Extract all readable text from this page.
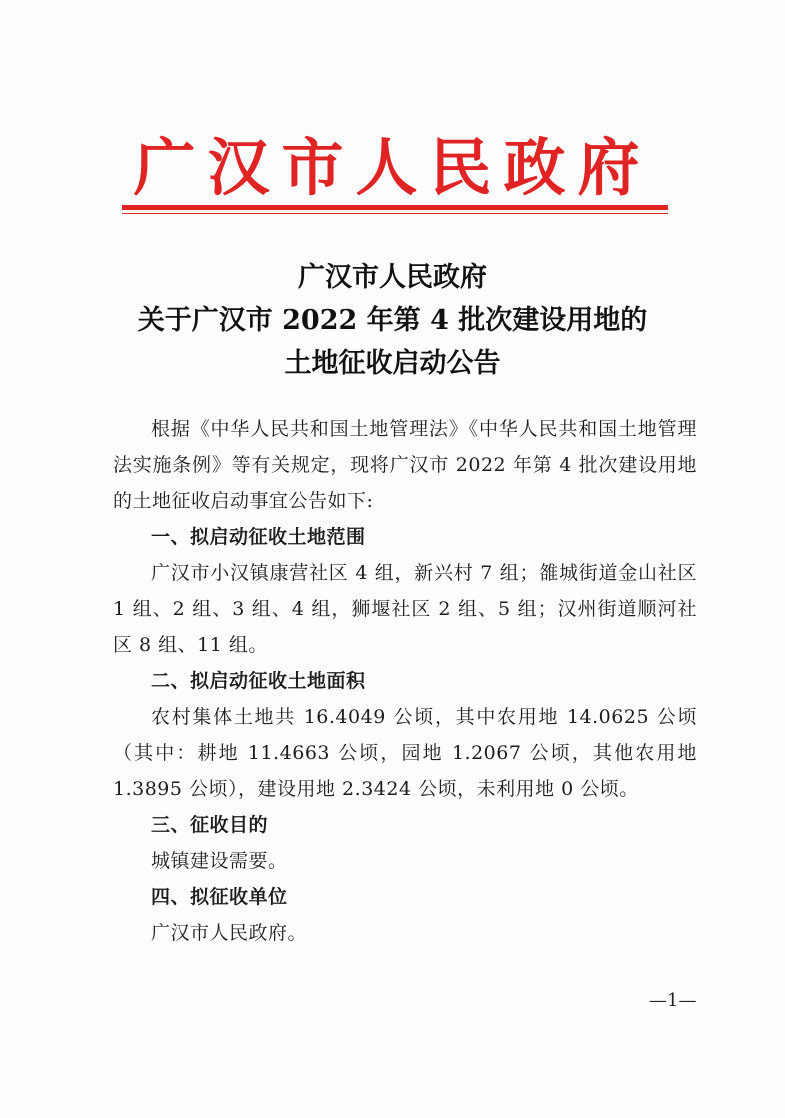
广汉市人民政府
广汉市人民政府
关于广汉市 2022 年第 4 批次建设用地的
土地征收启动公告

根据《中华人民共和国土地管理法》《中华人民共和国土地管理法实施条例》等有关规定，现将广汉市 2022 年第 4 批次建设用地的土地征收启动事宜公告如下:

一、拟启动征收土地范围

广汉市小汉镇康营社区 4 组，新兴村 7 组；雒城街道金山社区 1 组、2 组、3 组、4 组，狮堰社区 2 组、5 组；汉州街道顺河社区 8 组、11 组。

二、拟启动征收土地面积

农村集体土地共 16.4049 公顷，其中农用地 14.0625 公顷（其中：耕地 11.4663 公顷，园地 1.2067 公顷，其他农用地 1.3895 公顷），建设用地 2.3424 公顷，未利用地 0 公顷。

三、征收目的

城镇建设需要。

四、拟征收单位

广汉市人民政府。

—1—
